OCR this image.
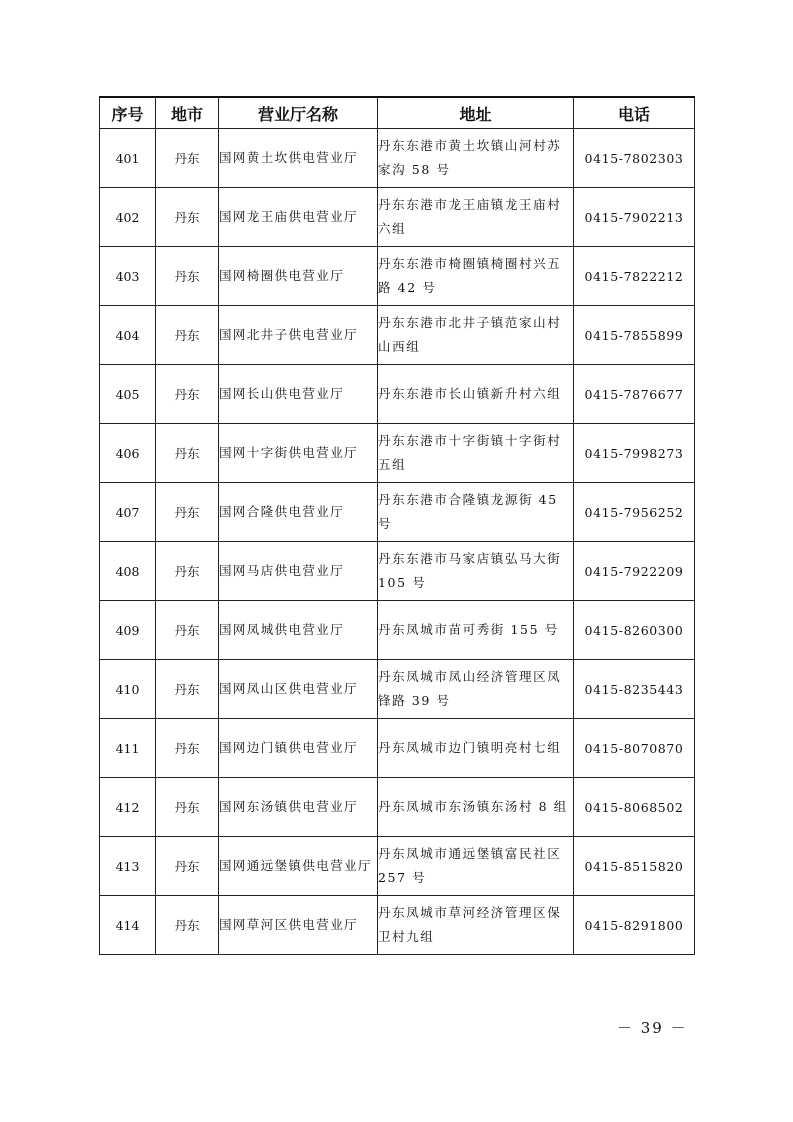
序号	地市	营业厅名称	地址	电话
401	丹东	国网黄土坎供电营业厅	丹东东港市黄土坎镇山河村苏家沟 58 号	0415-7802303
402	丹东	国网龙王庙供电营业厅	丹东东港市龙王庙镇龙王庙村六组	0415-7902213
403	丹东	国网椅圈供电营业厅	丹东东港市椅圈镇椅圈村兴五路 42 号	0415-7822212
404	丹东	国网北井子供电营业厅	丹东东港市北井子镇范家山村山西组	0415-7855899
405	丹东	国网长山供电营业厅	丹东东港市长山镇新升村六组	0415-7876677
406	丹东	国网十字街供电营业厅	丹东东港市十字街镇十字街村五组	0415-7998273
407	丹东	国网合隆供电营业厅	丹东东港市合隆镇龙源街 45 号	0415-7956252
408	丹东	国网马店供电营业厅	丹东东港市马家店镇弘马大街 105 号	0415-7922209
409	丹东	国网凤城供电营业厅	丹东凤城市苗可秀街 155 号	0415-8260300
410	丹东	国网凤山区供电营业厅	丹东凤城市凤山经济管理区凤锋路 39 号	0415-8235443
411	丹东	国网边门镇供电营业厅	丹东凤城市边门镇明亮村七组	0415-8070870
412	丹东	国网东汤镇供电营业厅	丹东凤城市东汤镇东汤村 8 组	0415-8068502
413	丹东	国网通远堡镇供电营业厅	丹东凤城市通远堡镇富民社区 257 号	0415-8515820
414	丹东	国网草河区供电营业厅	丹东凤城市草河经济管理区保卫村九组	0415-8291800
－ 39 －
